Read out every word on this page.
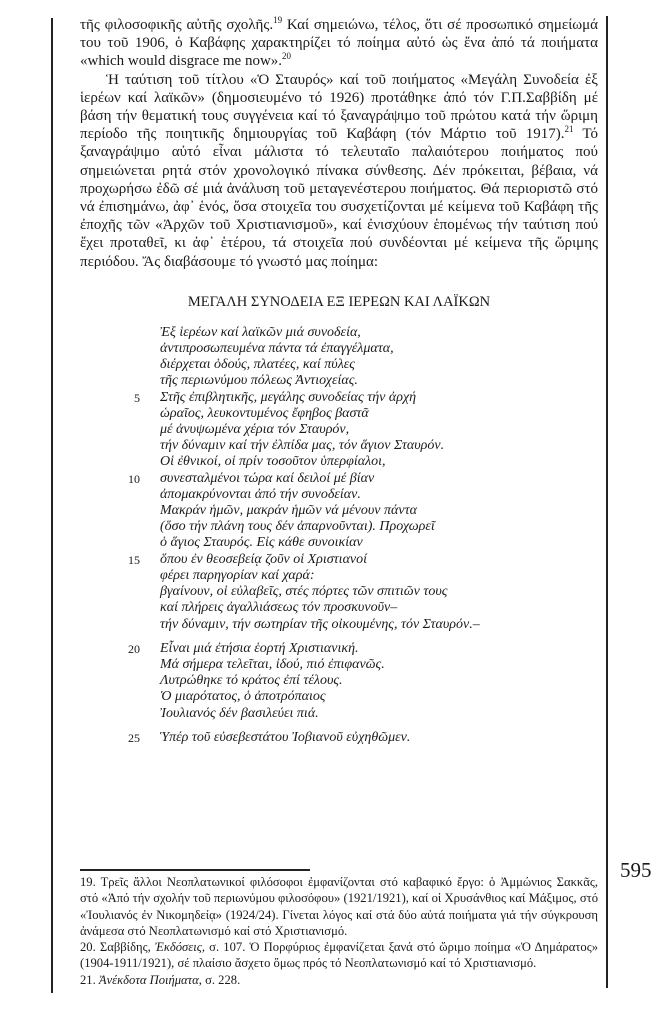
τῆς φιλοσοφικῆς αὐτῆς σχολῆς.$^{19}$ Καί σημειώνω, τέλος, ὅτι σέ προσωπικό σημείωμά του τοῦ 1906, ὁ Καβάφης χαρακτηρίζει τό ποίημα αὐτό ὡς ἕνα ἀπό τά ποιήματα «which would disgrace me now».$^{20}$

Ἡ ταύτιση τοῦ τίτλου «Ὁ Σταυρός» καί τοῦ ποιήματος «Μεγάλη Συνοδεία ἐξ ἱερέων καί λαϊκῶν» (δημοσιευμένο τό 1926) προτάθηκε ἀπό τόν Γ.Π.Σαββίδη μέ βάση τήν θεματική τους συγγένεια καί τό ξαναγράψιμο τοῦ πρώτου κατά τήν ὥριμη περίοδο τῆς ποιητικῆς δημιουργίας τοῦ Καβάφη (τόν Μάρτιο τοῦ 1917).$^{21}$ Τό ξαναγράψιμο αὐτό εἶναι μάλιστα τό τελευταῖο παλαιότερου ποιήματος πού σημειώνεται ρητά στόν χρονολογικό πίνακα σύνθεσης. Δέν πρόκειται, βέβαια, νά προχωρήσω ἐδῶ σέ μιά ἀνάλυση τοῦ μεταγενέστερου ποιήματος. Θά περιοριστῶ στό νά ἐπισημάνω, ἀφ᾽ ἑνός, ὅσα στοιχεῖα του συσχετίζονται μέ κείμενα τοῦ Καβάφη τῆς ἐποχῆς τῶν «Ἀρχῶν τοῦ Χριστιανισμοῦ», καί ἐνισχύουν ἑπομένως τήν ταύτιση πού ἔχει προταθεῖ, κι ἀφ᾽ ἑτέρου, τά στοιχεῖα πού συνδέονται μέ κείμενα τῆς ὥριμης περιόδου. Ἄς διαβάσουμε τό γνωστό μας ποίημα:

ΜΕΓΑΛΗ ΣΥΝΟΔΕΙΑ ΕΞ ΙΕΡΕΩΝ ΚΑΙ ΛΑΪΚΩΝ
Ἐξ ἱερέων καί λαϊκῶν μιά συνοδεία,
ἀντιπροσωπευμένα πάντα τά ἐπαγγέλματα,
διέρχεται ὁδούς, πλατέες, καί πύλες
τῆς περιωνύμου πόλεως Ἀντιοχείας.
5 Στῆς ἐπιβλητικῆς, μεγάλης συνοδείας τήν ἀρχή
ὡραῖος, λευκοντυμένος ἔφηβος βαστᾶ
μέ ἀνυψωμένα χέρια τόν Σταυρόν,
τήν δύναμιν καί τήν ἐλπίδα μας, τόν ἅγιον Σταυρόν.
Οἱ ἐθνικοί, οἱ πρίν τοσοῦτον ὑπερφίαλοι,
10 συνεσταλμένοι τώρα καί δειλοί μέ βίαν
ἀπομακρύνονται ἀπό τήν συνοδείαν.
Μακράν ἡμῶν, μακράν ἡμῶν νά μένουν πάντα
(ὅσο τήν πλάνη τους δέν ἀπαρνοῦνται). Προχωρεῖ
ὁ ἅγιος Σταυρός. Εἰς κάθε συνοικίαν
15 ὅπου ἐν θεοσεβείᾳ ζοῦν οἱ Χριστιανοί
φέρει παρηγορίαν καί χαρά:
βγαίνουν, οἱ εὐλαβεῖς, στές πόρτες τῶν σπιτιῶν τους
καί πλήρεις ἀγαλλιάσεως τόν προσκυνοῦν–
τήν δύναμιν, τήν σωτηρίαν τῆς οἰκουμένης, τόν Σταυρόν.–
20 Εἶναι μιά ἐτήσια ἑορτή Χριστιανική.
Μά σήμερα τελεῖται, ἰδού, πιό ἐπιφανῶς.
Λυτρώθηκε τό κράτος ἐπί τέλους.
Ὁ μιαρότατος, ὁ ἀποτρόπαιος
Ἰουλιανός δέν βασιλεύει πιά.
25 Ὑπέρ τοῦ εὐσεβεστάτου Ἰοβιανοῦ εὐχηθῶμεν.

19. Τρεῖς ἄλλοι Νεοπλατωνικοί φιλόσοφοι ἐμφανίζονται στό καβαφικό ἔργο: ὁ Ἀμμώνιος Σακκᾶς, στό «Ἀπό τήν σχολήν τοῦ περιωνύμου φιλοσόφου» (1921/1921), καί οἱ Χρυσάνθιος καί Μάξιμος, στό «Ἰουλιανός ἐν Νικομηδείᾳ» (1924/24). Γίνεται λόγος καί στά δύο αὐτά ποιήματα γιά τήν σύγκρουση ἀνάμεσα στό Νεοπλατωνισμό καί στό Χριστιανισμό.

20. Σαββίδης, Ἐκδόσεις, σ. 107. Ὁ Πορφύριος ἐμφανίζεται ξανά στό ὥριμο ποίημα «Ὁ Δημάρατος» (1904-1911/1921), σέ πλαίσιο ἄσχετο ὅμως πρός τό Νεοπλατωνισμό καί τό Χριστιανισμό.

21. Ἀνέκδοτα Ποιήματα, σ. 228.

595
